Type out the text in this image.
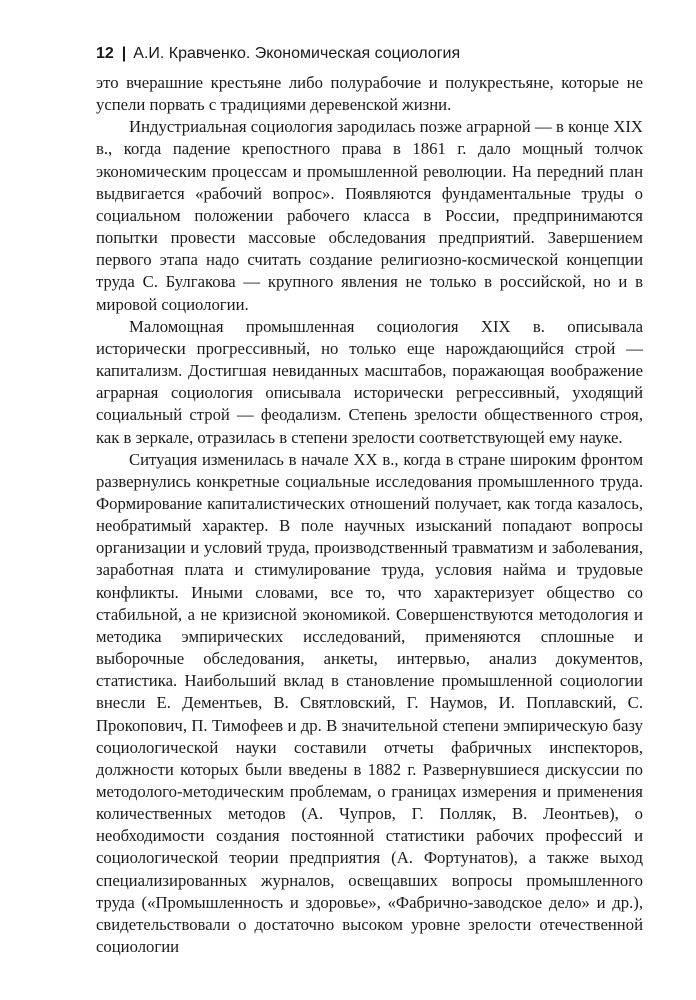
12 | А.И. Кравченко. Экономическая социология

это вчерашние крестьяне либо полурабочие и полукрестьяне, которые не успели порвать с традициями деревенской жизни.

Индустриальная социология зародилась позже аграрной — в конце XIX в., когда падение крепостного права в 1861 г. дало мощный толчок экономическим процессам и промышленной революции. На передний план выдвигается «рабочий вопрос». Появляются фундаментальные труды о социальном положении рабочего класса в России, предпринимаются попытки провести массовые обследования предприятий. Завершением первого этапа надо считать создание религиозно-космической концепции труда С. Булгакова — крупного явления не только в российской, но и в мировой социологии.

Маломощная промышленная социология XIX в. описывала исторически прогрессивный, но только еще нарождающийся строй — капитализм. Достигшая невиданных масштабов, поражающая воображение аграрная социология описывала исторически регрессивный, уходящий социальный строй — феодализм. Степень зрелости общественного строя, как в зеркале, отразилась в степени зрелости соответствующей ему науке.

Ситуация изменилась в начале XX в., когда в стране широким фронтом развернулись конкретные социальные исследования промышленного труда. Формирование капиталистических отношений получает, как тогда казалось, необратимый характер. В поле научных изысканий попадают вопросы организации и условий труда, производственный травматизм и заболевания, заработная плата и стимулирование труда, условия найма и трудовые конфликты. Иными словами, все то, что характеризует общество со стабильной, а не кризисной экономикой. Совершенствуются методология и методика эмпирических исследований, применяются сплошные и выборочные обследования, анкеты, интервью, анализ документов, статистика. Наибольший вклад в становление промышленной социологии внесли Е. Дементьев, В. Святловский, Г. Наумов, И. Поплавский, С. Прокопович, П. Тимофеев и др. В значительной степени эмпирическую базу социологической науки составили отчеты фабричных инспекторов, должности которых были введены в 1882 г. Развернувшиеся дискуссии по методолого-методическим проблемам, о границах измерения и применения количественных методов (А. Чупров, Г. Полляк, В. Леонтьев), о необходимости создания постоянной статистики рабочих профессий и социологической теории предприятия (А. Фортунатов), а также выход специализированных журналов, освещавших вопросы промышленного труда («Промышленность и здоровье», «Фабрично-заводское дело» и др.), свидетельствовали о достаточно высоком уровне зрелости отечественной социологии
